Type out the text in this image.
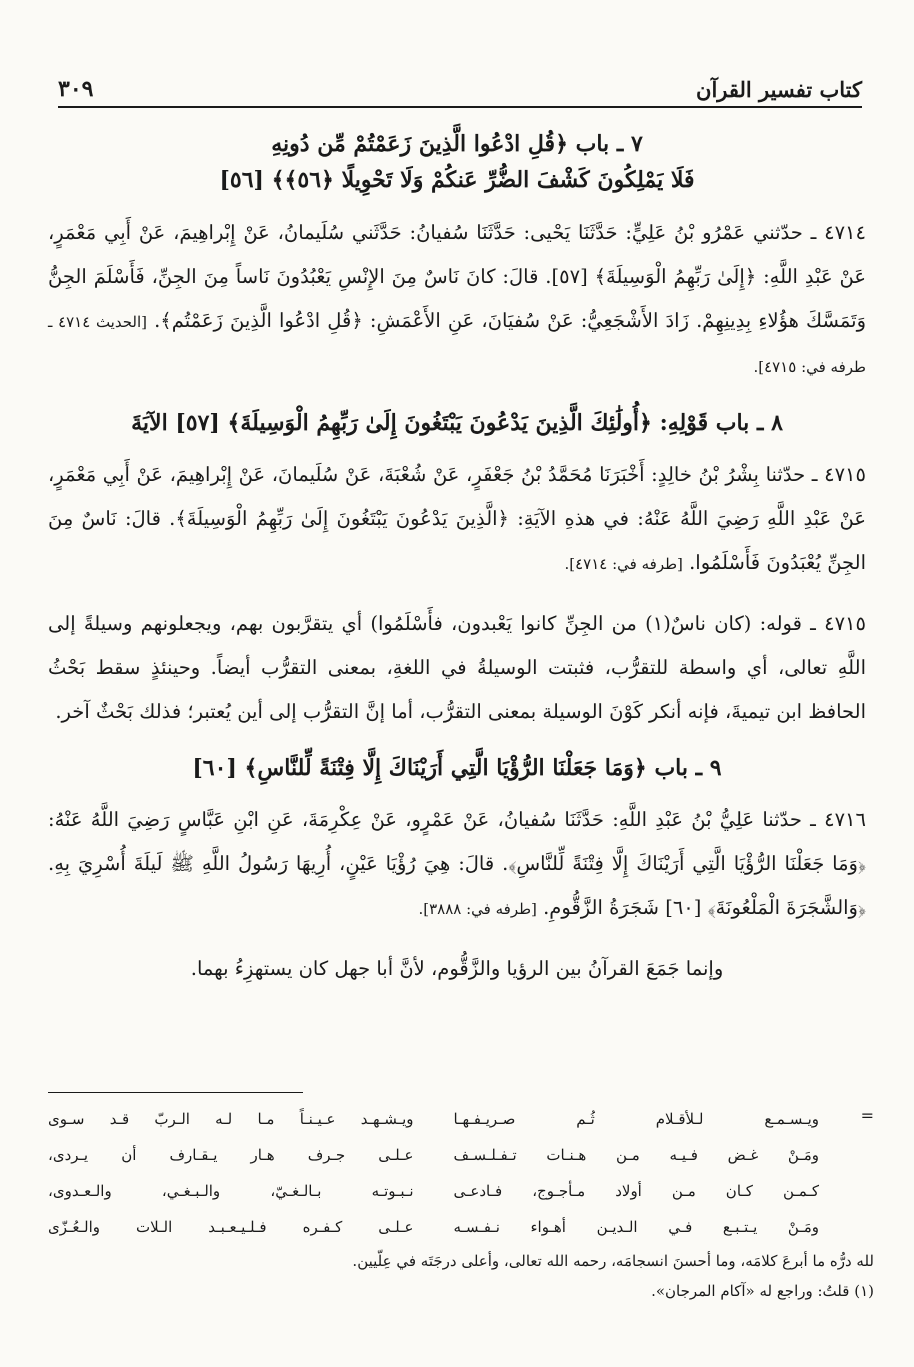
كتاب تفسير القرآن
٣٠٩
٧ ـ باب ﴿قُلِ ادْعُوا الَّذِينَ زَعَمْتُمْ مِّن دُونِهِ
فَلَا يَمْلِكُونَ كَشْفَ الضُّرِّ عَنكُمْ وَلَا تَحْوِيلًا ﴿٥٦﴾﴾ [٥٦]

٤٧١٤ ـ حدّثني عَمْرُو بْنُ عَلِيٍّ: حَدَّثَنَا يَحْيى: حَدَّثَنَا سُفيانُ: حَدَّثَني سُلَيمانُ، عَنْ إِبْراهِيمَ، عَنْ أَبِي مَعْمَرٍ، عَنْ عَبْدِ اللَّهِ: ﴿إِلَىٰ رَبِّهِمُ الْوَسِيلَةَ﴾ [٥٧]. قالَ: كانَ نَاسٌ مِنَ الإِنْسِ يَعْبُدُونَ نَاساً مِنَ الجِنِّ، فَأَسْلَمَ الجِنُّ وَتَمَسَّكَ هؤُلاءِ بِدِينِهِمْ. زَادَ الأَشْجَعِيُّ: عَنْ سُفيَانَ، عَنِ الأَعْمَشِ: ﴿قُلِ ادْعُوا الَّذِينَ زَعَمْتُم﴾. [الحديث ٤٧١٤ ـ طرفه في: ٤٧١٥].

٨ ـ باب قَوْلِهِ: ﴿أُولَٰئِكَ الَّذِينَ يَدْعُونَ يَبْتَغُونَ إِلَىٰ رَبِّهِمُ الْوَسِيلَةَ﴾ [٥٧] الآيَةَ

٤٧١٥ ـ حدّثنا بِشْرُ بْنُ خالِدٍ: أَخْبَرَنَا مُحَمَّدُ بْنُ جَعْفَرٍ، عَنْ شُعْبَةَ، عَنْ سُلَيمانَ، عَنْ إِبْراهِيمَ، عَنْ أَبِي مَعْمَرٍ، عَنْ عَبْدِ اللَّهِ رَضِيَ اللَّهُ عَنْهُ: في هذهِ الآيَةِ: ﴿الَّذِينَ يَدْعُونَ يَبْتَغُونَ إِلَىٰ رَبِّهِمُ الْوَسِيلَةَ﴾. قالَ: نَاسٌ مِنَ الجِنِّ يُعْبَدُونَ فَأَسْلَمُوا. [طرفه في: ٤٧١٤].

٤٧١٥ ـ قوله: (كان ناسٌ(١) من الجِنِّ كانوا يَعْبدون، فأَسْلَمُوا) أي يتقرَّبون بهم، ويجعلونهم وسيلةً إلى اللَّهِ تعالى، أي واسطة للتقرُّب، فثبتت الوسيلةُ في اللغةِ، بمعنى التقرُّب أيضاً. وحينئذٍ سقط بَحْثُ الحافظ ابن تيميةَ، فإنه أنكر كَوْنَ الوسيلة بمعنى التقرُّب، أما إنَّ التقرُّب إلى أين يُعتبر؛ فذلك بَحْثٌ آخر.

٩ ـ باب ﴿وَمَا جَعَلْنَا الرُّؤْيَا الَّتِي أَرَيْنَاكَ إِلَّا فِتْنَةً لِّلنَّاسِ﴾ [٦٠]

٤٧١٦ ـ حدّثنا عَلِيُّ بْنُ عَبْدِ اللَّهِ: حَدَّثَنَا سُفيانُ، عَنْ عَمْرٍو، عَنْ عِكْرِمَةَ، عَنِ ابْنِ عَبَّاسٍ رَضِيَ اللَّهُ عَنْهُ: ﴿وَمَا جَعَلْنَا الرُّؤْيَا الَّتِي أَرَيْنَاكَ إِلَّا فِتْنَةً لِّلنَّاسِ﴾. قالَ: هِيَ رُؤْيَا عَيْنٍ، أُرِيهَا رَسُولُ اللَّهِ ﷺ لَيلَةَ أُسْرِيَ بِهِ. ﴿وَالشَّجَرَةَ الْمَلْعُونَةَ﴾ [٦٠] شَجَرَةُ الزَّقُّومِ. [طرفه في: ٣٨٨٨].

وإنما جَمَعَ القرآنُ بين الرؤيا والزَّقُّوم، لأنَّ أبا جهل كان يستهزِءُ بهما.

=
ويـسـمـع لـلأقـلام ثُـم صـريـفـهـا
ويـشـهـد عـيـنـاً مـا لـه الـربّ قـد سـوى
ومَـنْ غـض فـيـه مـن هـنـات تـفـلـسـف
عـلـى جـرف هـار يـقـارف أن يـردى،
كـمـن كـان مـن أولاد مـأجـوج، فـادعـى
نـبـوتـه بـالـغـيّ، والـبـغـي، والـعـدوى،
ومَـنْ يـتـبـع فـي الـديـن أهـواء نـفـسـه
عـلـى كـفـره فـلـيـعـبـد الـلات والـعُـزّى
لله درُّه ما أبرعَ كلامَه، وما أحسنَ انسجامَه، رحمه الله تعالى، وأعلى درجَتَه في عِلّيين.
(١) قلتُ: وراجع له «آكام المرجان».
